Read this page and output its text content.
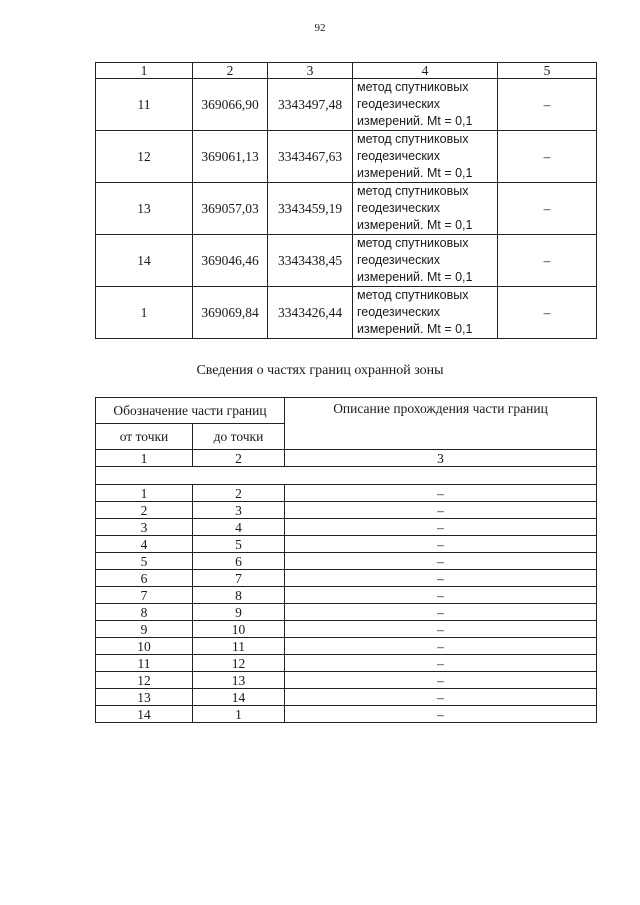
92
1	2	3	4	5
11	369066,90	3343497,48	метод спутниковых
геодезических
измерений. Mt = 0,1	–
12	369061,13	3343467,63	метод спутниковых
геодезических
измерений. Mt = 0,1	–
13	369057,03	3343459,19	метод спутниковых
геодезических
измерений. Mt = 0,1	–
14	369046,46	3343438,45	метод спутниковых
геодезических
измерений. Mt = 0,1	–
1	369069,84	3343426,44	метод спутниковых
геодезических
измерений. Mt = 0,1	–
Сведения о частях границ охранной зоны
Обозначение части границ		Описание прохождения части границ
от точки	до точки	
1	2	3

1	2	–
2	3	–
3	4	–
4	5	–
5	6	–
6	7	–
7	8	–
8	9	–
9	10	–
10	11	–
11	12	–
12	13	–
13	14	–
14	1	–
